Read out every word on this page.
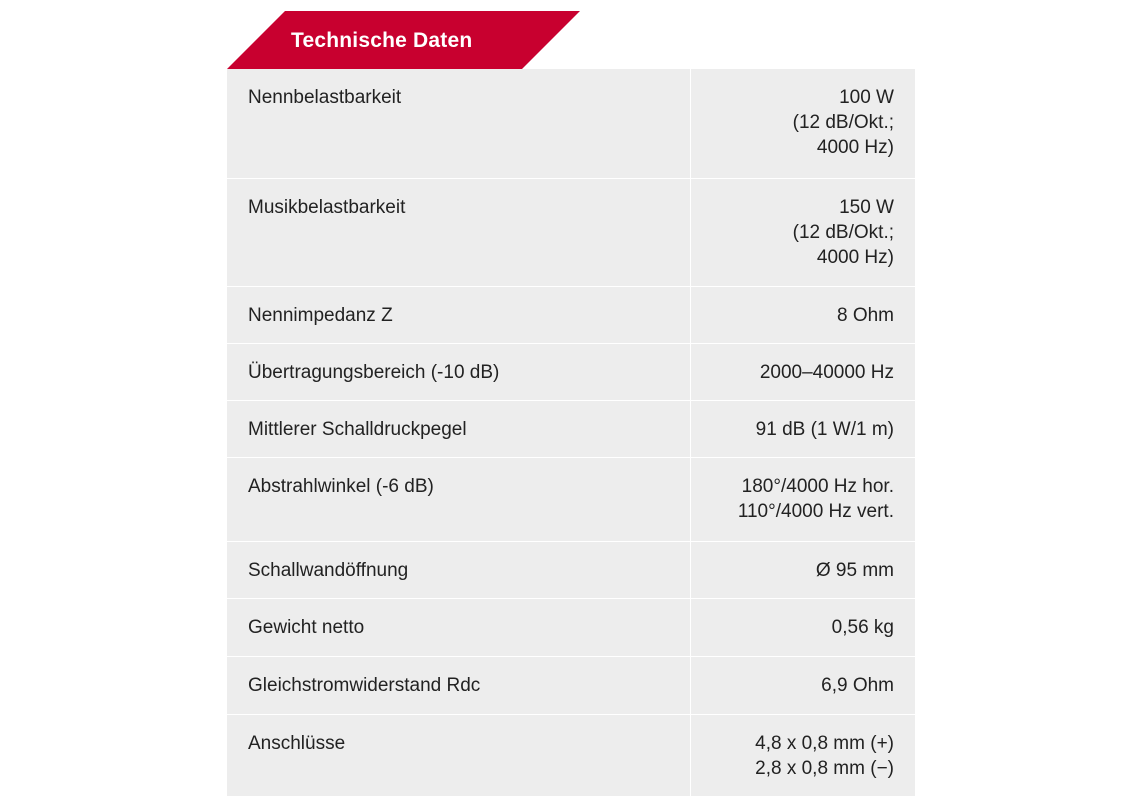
Technische Daten
Nennbelastbarkeit	100 W
(12 dB/Okt.;
4000 Hz)

Musikbelastbarkeit	150 W
(12 dB/Okt.;
4000 Hz)

Nennimpedanz Z	8 Ohm

Übertragungsbereich (-10 dB)	2000–40000 Hz

Mittlerer Schalldruckpegel	91 dB (1 W/1 m)

Abstrahlwinkel (-6 dB)	180°/4000 Hz hor.
110°/4000 Hz vert.

Schallwandöffnung	Ø 95 mm

Gewicht netto	0,56 kg

Gleichstromwiderstand Rdc	6,9 Ohm

Anschlüsse	4,8 x 0,8 mm (+)
2,8 x 0,8 mm (−)
